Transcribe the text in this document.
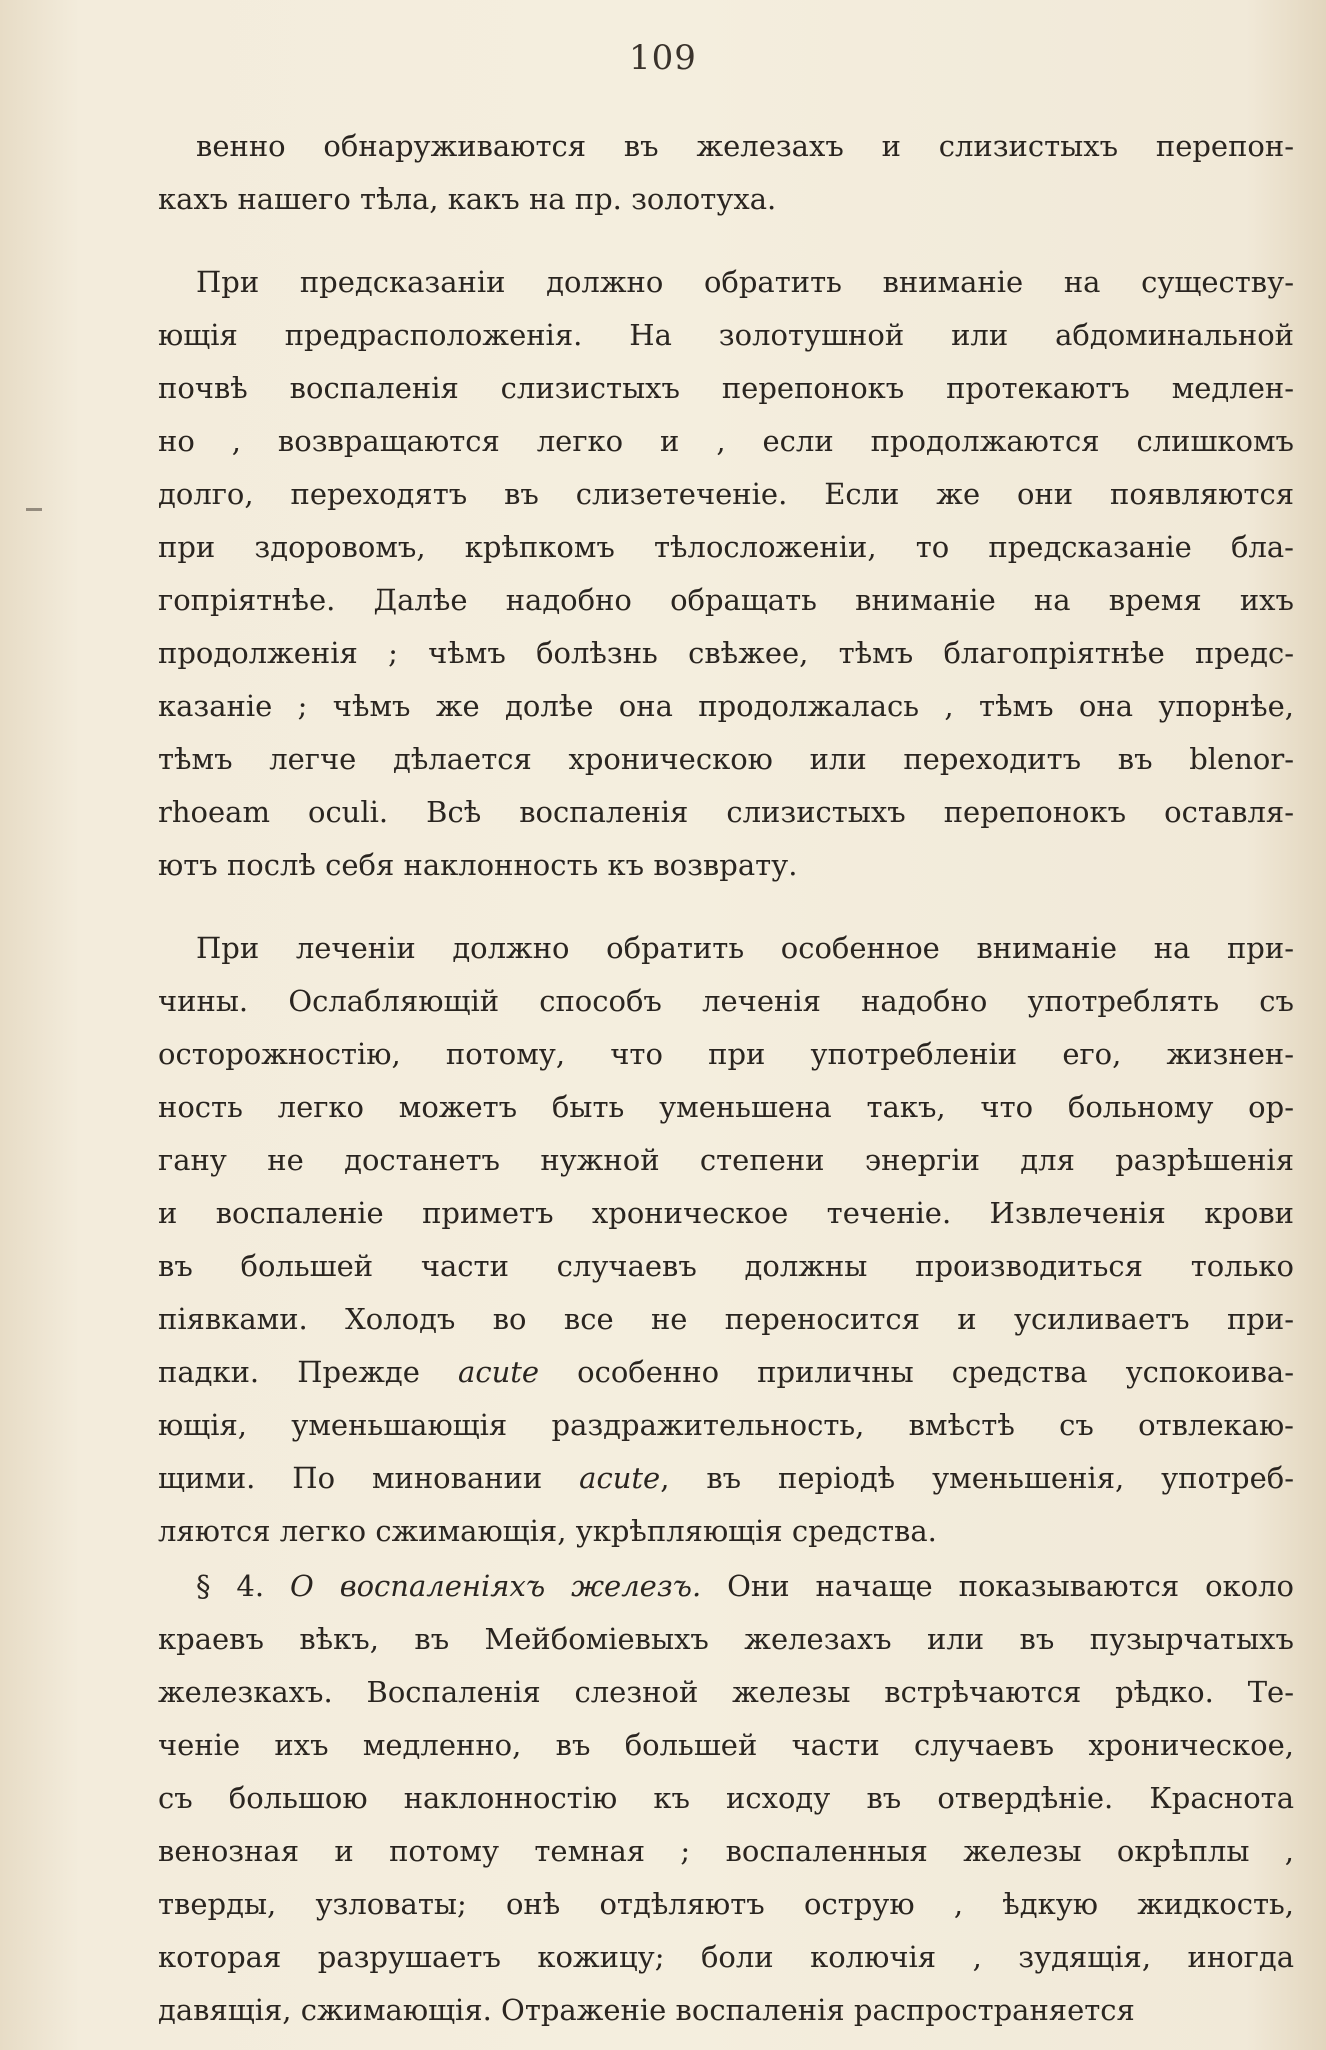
109
венно обнаруживаются въ железахъ и слизистыхъ перепон-
кахъ нашего тѣла, какъ на пр. золотуха.
При предсказаніи должно обратить вниманіе на существу-
ющія предрасположенія. На золотушной или абдоминальной
почвѣ воспаленія слизистыхъ перепонокъ протекаютъ медлен-
но , возвращаются легко и , если продолжаются слишкомъ
долго, переходятъ въ слизетеченіе. Если же они появляются
при здоровомъ, крѣпкомъ тѣлосложеніи, то предсказаніе бла-
гопріятнѣе. Далѣе надобно обращать вниманіе на время ихъ
продолженія ; чѣмъ болѣзнь свѣжее, тѣмъ благопріятнѣе предс-
казаніе ; чѣмъ же долѣе она продолжалась , тѣмъ она упорнѣе,
тѣмъ легче дѣлается хроническою или переходитъ въ blenor-
rhoeam oculi. Всѣ воспаленія слизистыхъ перепонокъ оставля-
ютъ послѣ себя наклонность къ возврату.
При леченіи должно обратить особенное вниманіе на при-
чины. Ослабляющій способъ леченія надобно употреблять съ
осторожностію, потому, что при употребленіи его, жизнен-
ность легко можетъ быть уменьшена такъ, что больному ор-
гану не достанетъ нужной степени энергіи для разрѣшенія
и воспаленіе приметъ хроническое теченіе. Извлеченія крови
въ большей части случаевъ должны производиться только
піявками. Холодъ во все не переносится и усиливаетъ при-
падки. Прежде acute особенно приличны средства успокоива-
ющія, уменьшающія раздражительность, вмѣстѣ съ отвлекаю-
щими. По миновании acute, въ періодѣ уменьшенія, употреб-
ляются легко сжимающія, укрѣпляющія средства.
§ 4. О воспаленіяхъ железъ. Они начаще показываются около
краевъ вѣкъ, въ Мейбоміевыхъ железахъ или въ пузырчатыхъ
железкахъ. Воспаленія слезной железы встрѣчаются рѣдко. Те-
ченіе ихъ медленно, въ большей части случаевъ хроническое,
съ большою наклонностію къ исходу въ отвердѣніе. Краснота
венозная и потому темная ; воспаленныя железы окрѣплы ,
тверды, узловаты; онѣ отдѣляютъ острую , ѣдкую жидкость,
которая разрушаетъ кожицу; боли колючія , зудящія, иногда
давящія, сжимающія. Отраженіе воспаленія распространяется
